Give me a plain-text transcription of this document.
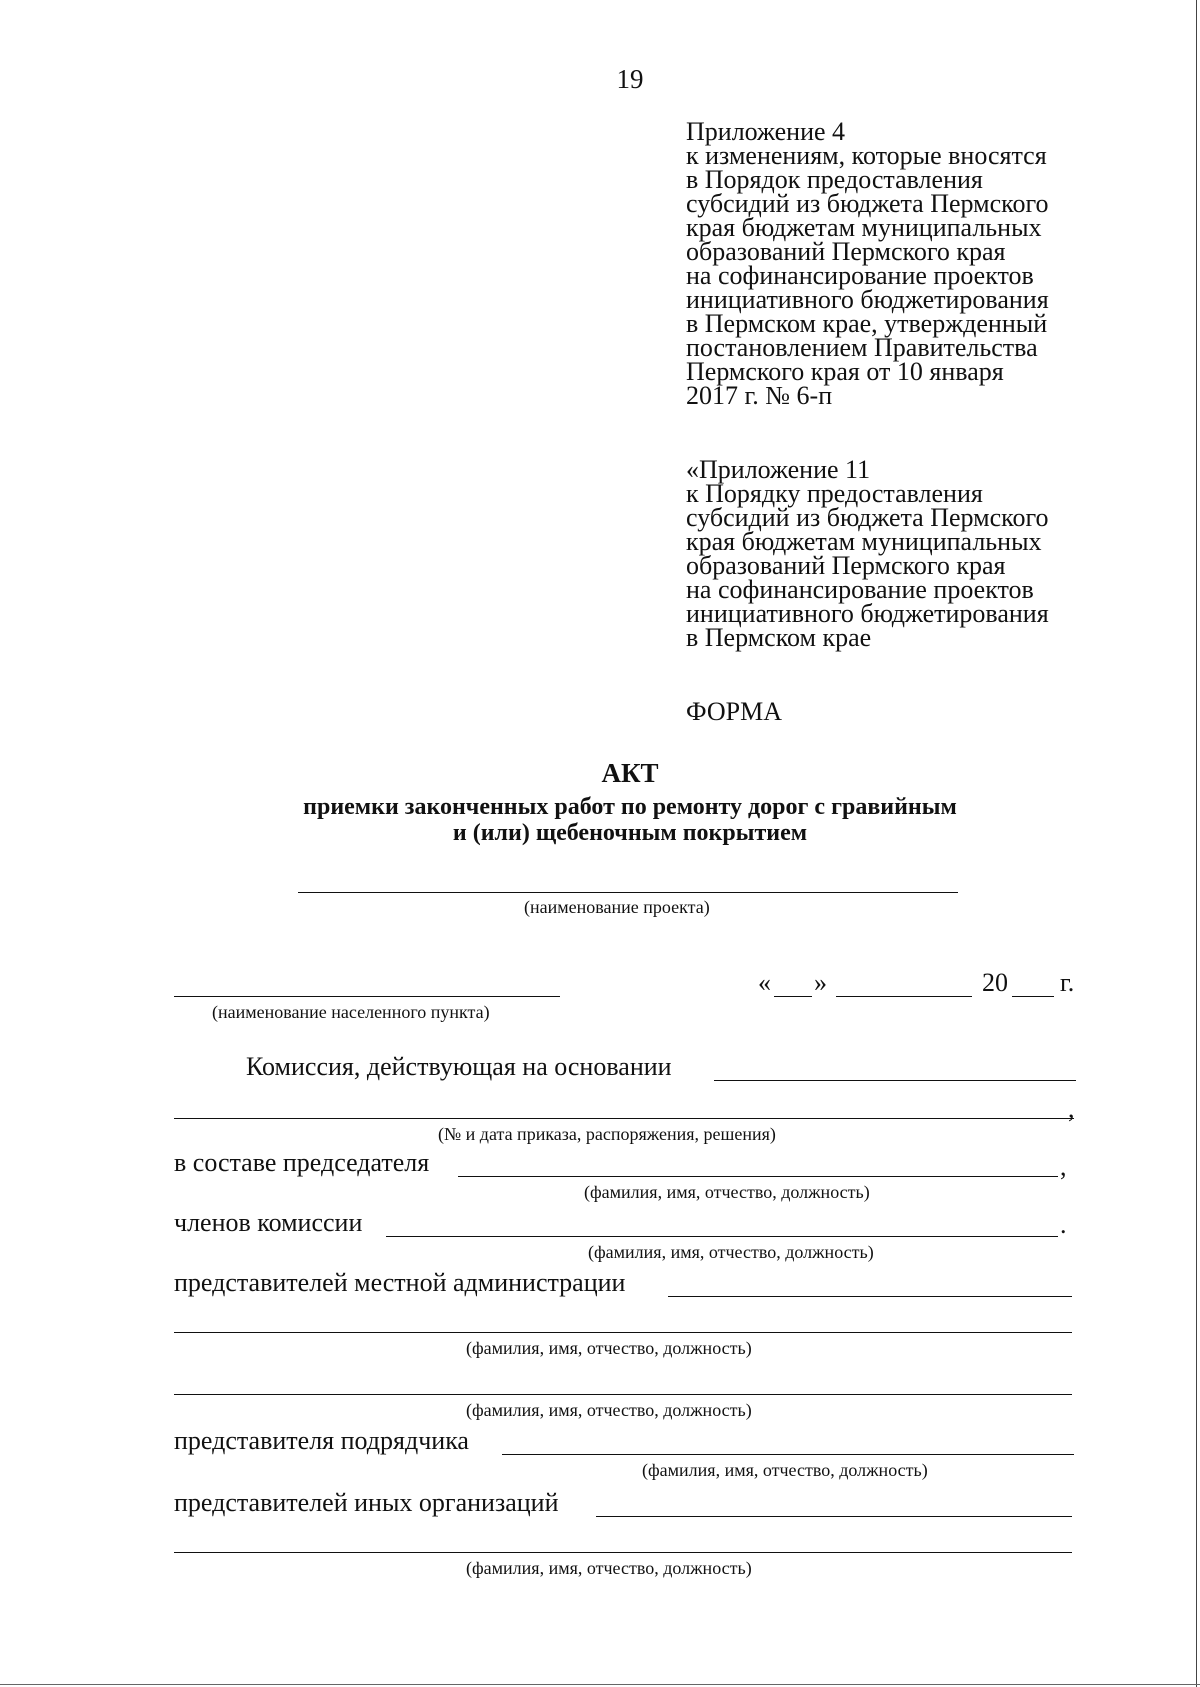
19
Приложение 4
к изменениям, которые вносятся
в Порядок предоставления
субсидий из бюджета Пермского
края бюджетам муниципальных
образований Пермского края
на софинансирование проектов
инициативного бюджетирования
в Пермском крае, утвержденный
постановлением Правительства
Пермского края от 10 января
2017 г. № 6-п
«Приложение 11
к Порядку предоставления
субсидий из бюджета Пермского
края бюджетам муниципальных
образований Пермского края
на софинансирование проектов
инициативного бюджетирования
в Пермском крае
ФОРМА
АКТ
приемки законченных работ по ремонту дорог с гравийным
и (или) щебеночным покрытием
(наименование проекта)
(наименование населенного пункта)
« »	20 г.
Комиссия, действующая на основании
,
(№ и дата приказа, распоряжения, решения)
в составе председателя	,
(фамилия, имя, отчество, должность)
членов комиссии	.
(фамилия, имя, отчество, должность)
представителей местной администрации
(фамилия, имя, отчество, должность)
(фамилия, имя, отчество, должность)
представителя подрядчика
(фамилия, имя, отчество, должность)
представителей иных организаций
(фамилия, имя, отчество, должность)
